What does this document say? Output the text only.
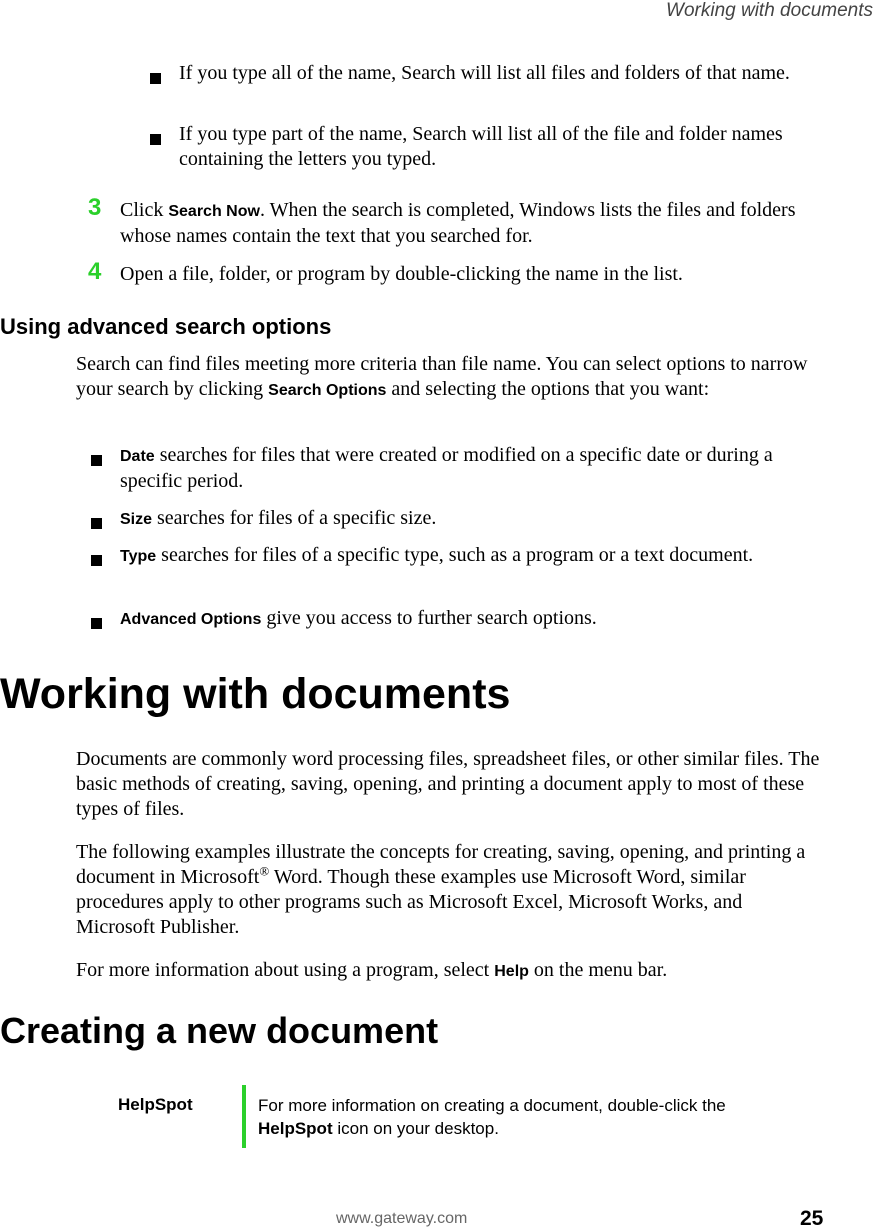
Working with documents
If you type all of the name, Search will list all files and folders of that name.
If you type part of the name, Search will list all of the file and folder names containing the letters you typed.
3 Click Search Now. When the search is completed, Windows lists the files and folders whose names contain the text that you searched for.
4 Open a file, folder, or program by double-clicking the name in the list.
Using advanced search options
Search can find files meeting more criteria than file name. You can select options to narrow your search by clicking Search Options and selecting the options that you want:
Date searches for files that were created or modified on a specific date or during a specific period.
Size searches for files of a specific size.
Type searches for files of a specific type, such as a program or a text document.
Advanced Options give you access to further search options.
Working with documents
Documents are commonly word processing files, spreadsheet files, or other similar files. The basic methods of creating, saving, opening, and printing a document apply to most of these types of files.
The following examples illustrate the concepts for creating, saving, opening, and printing a document in Microsoft® Word. Though these examples use Microsoft Word, similar procedures apply to other programs such as Microsoft Excel, Microsoft Works, and Microsoft Publisher.
For more information about using a program, select Help on the menu bar.
Creating a new document
HelpSpot	For more information on creating a document, double-click the HelpSpot icon on your desktop.
www.gateway.com	25
